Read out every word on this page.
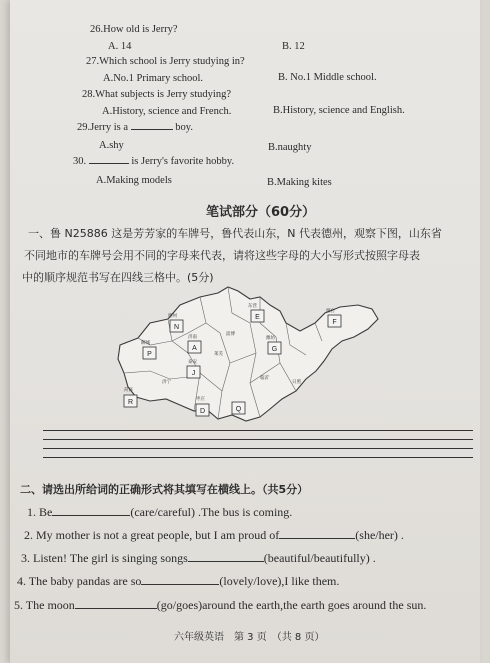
26.How old is Jerry?
A. 14	B. 12
27.Which school is Jerry studying in?
A.No.1 Primary school.	B. No.1 Middle school.
28.What subjects is Jerry studying?
A.History, science and French.	B.History, science and English.
29.Jerry is a	boy.
A.shy	B.naughty
30.	is Jerry's favorite hobby.
A.Making models	B.Making kites
笔试部分（60分）
一、鲁 N25886 这是芳芳家的车牌号，鲁代表山东，N 代表德州，观察下图，山东省
不同地市的车牌号会用不同的字母来代表，请将这些字母的大小写形式按照字母表
中的顺序规范书写在四线三格中。(5分)
N
E
F
P
A	G
J
R
D	Q
德州
东营
烟台
聊城
济南
淄博
潍坊
泰安
莱芜
临沂
菏泽
济宁
枣庄
日照
二、请选出所给词的正确形式将其填写在横线上。（共5分）
1. Be	(care/careful) .The bus is coming.
2. My mother is not a great people, but I am proud of	(she/her) .
3. Listen! The girl is singing songs	(beautiful/beautifully) .
4. The baby pandas are so	(lovely/love),I like them.
5. The moon	(go/goes)around the earth,the earth goes around the sun.
六年级英语　第 3 页　（共 8 页）
